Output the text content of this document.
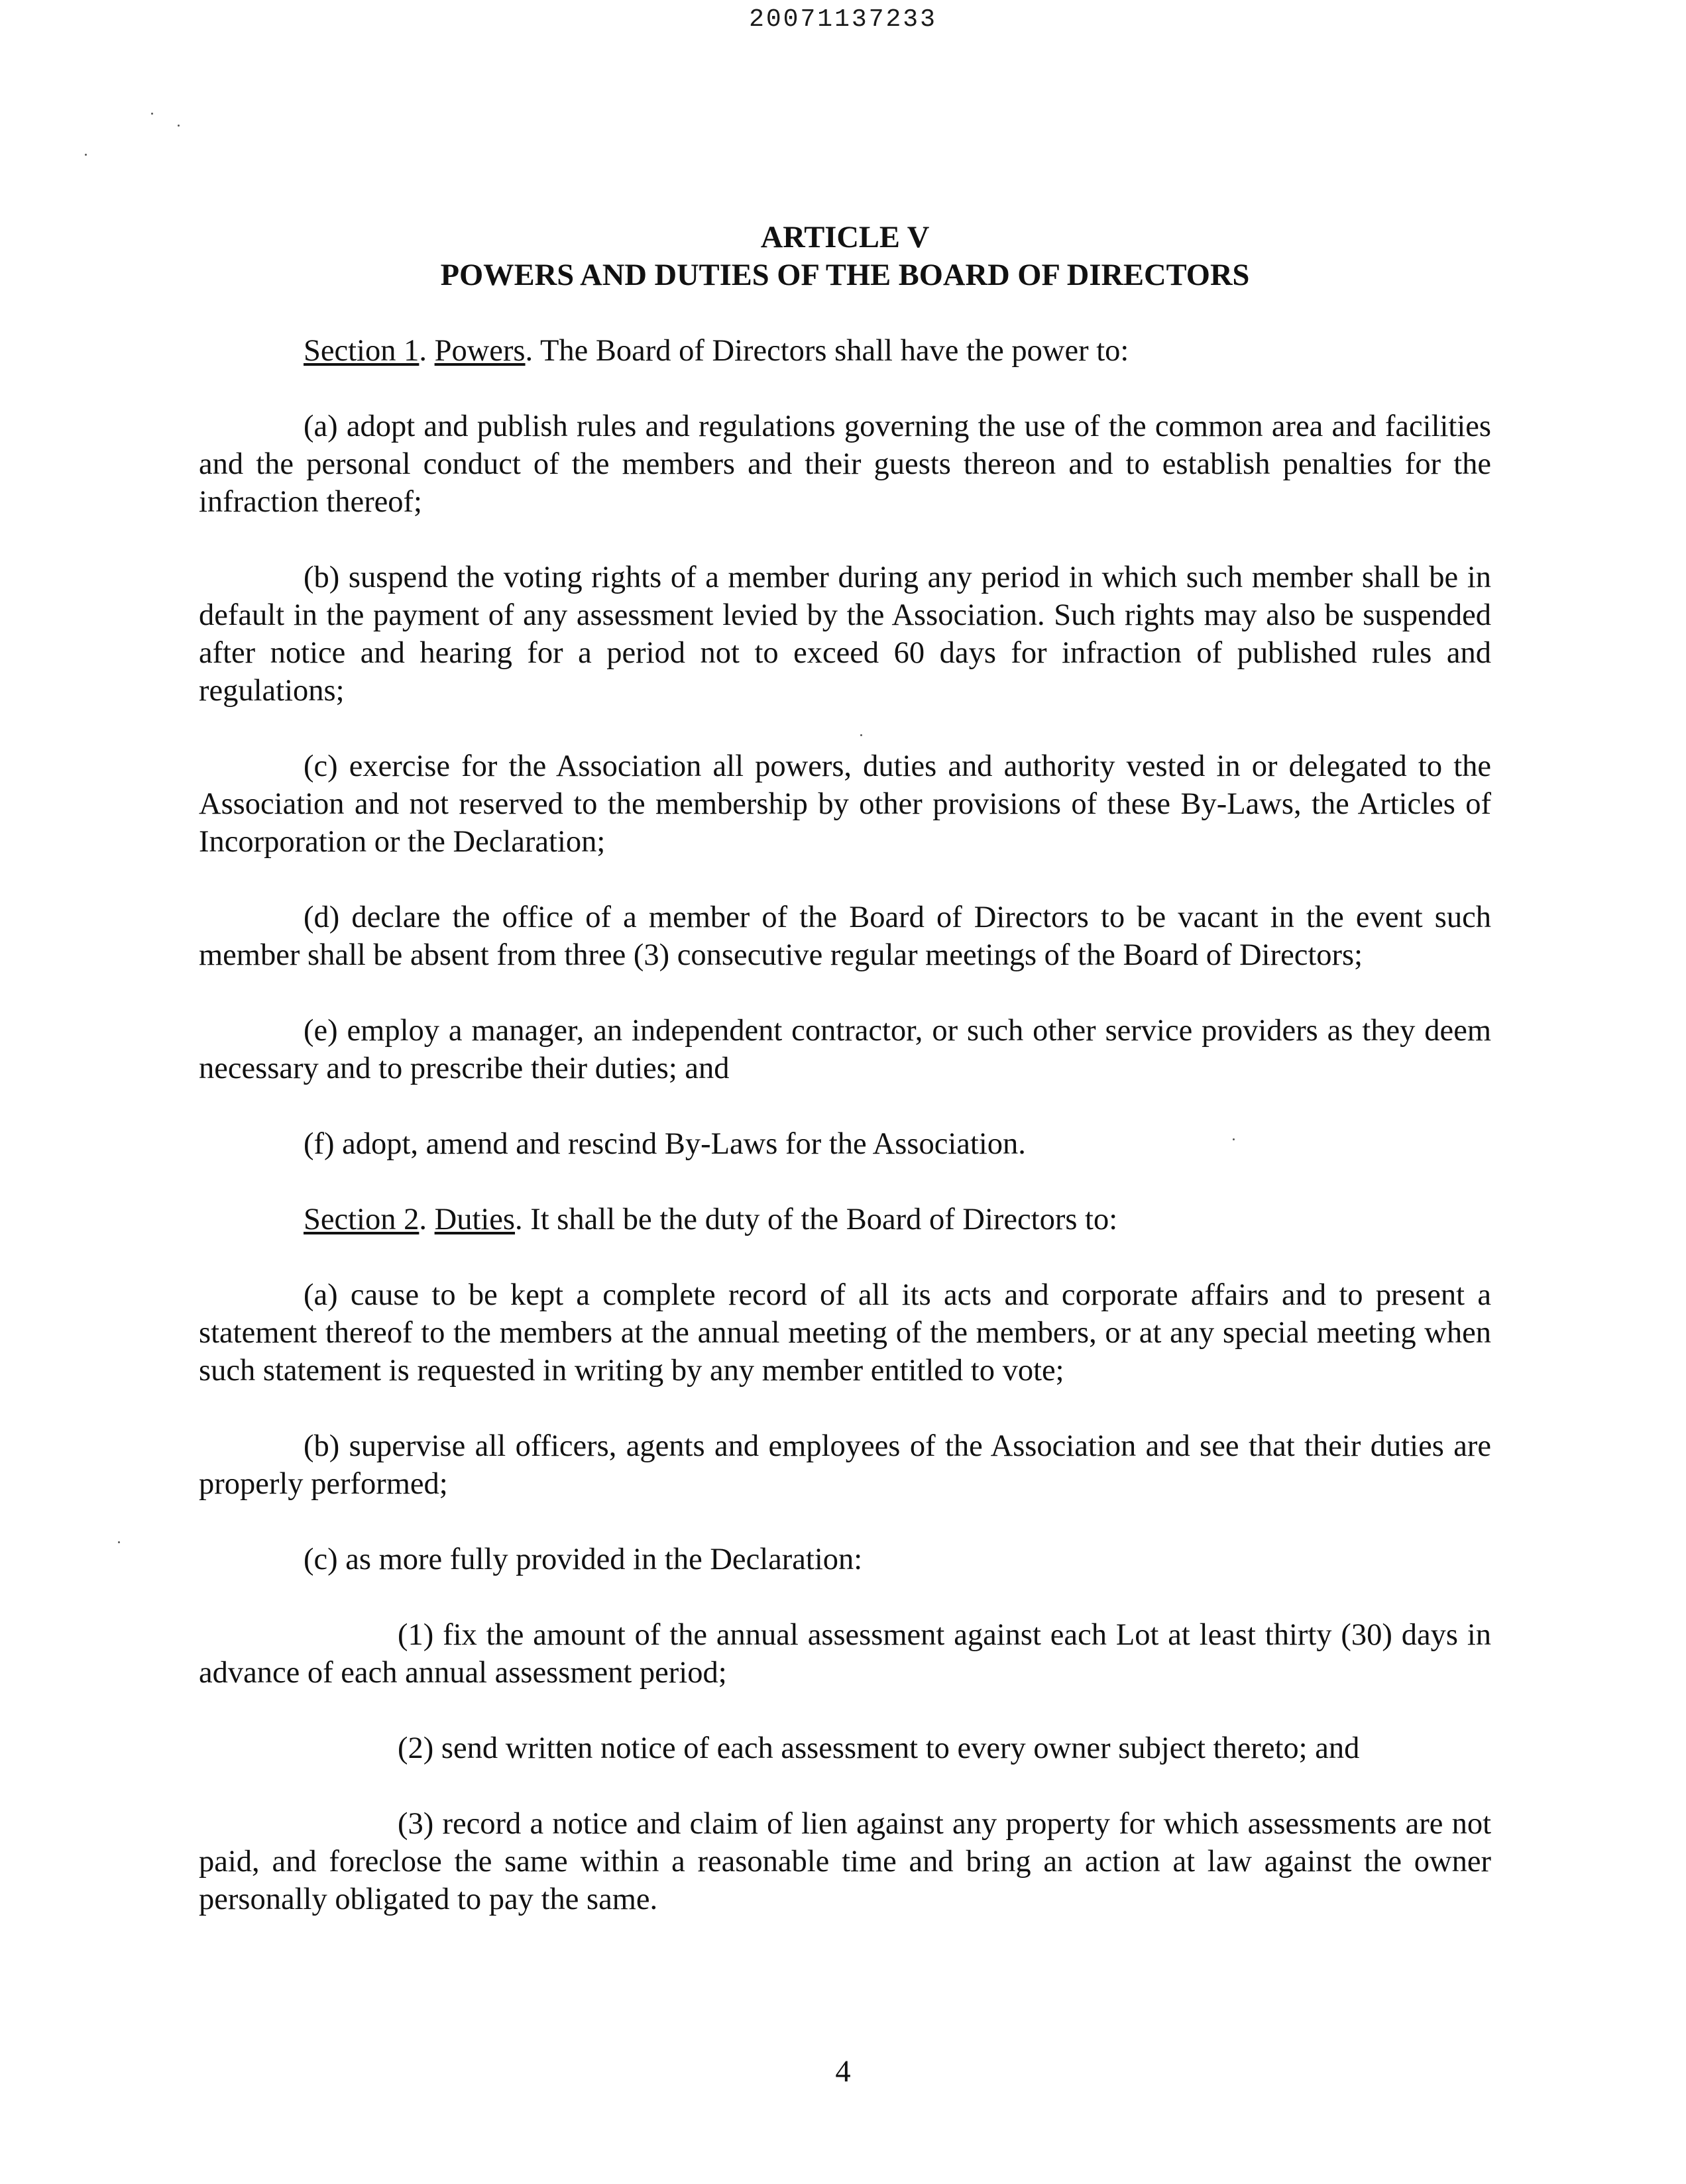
20071137233
ARTICLE V
POWERS AND DUTIES OF THE BOARD OF DIRECTORS

Section 1. Powers. The Board of Directors shall have the power to:

(a) adopt and publish rules and regulations governing the use of the common area and facilities and the personal conduct of the members and their guests thereon and to establish penalties for the infraction thereof;

(b) suspend the voting rights of a member during any period in which such member shall be in default in the payment of any assessment levied by the Association. Such rights may also be suspended after notice and hearing for a period not to exceed 60 days for infraction of published rules and regulations;

(c) exercise for the Association all powers, duties and authority vested in or delegated to the Association and not reserved to the membership by other provisions of these By-Laws, the Articles of Incorporation or the Declaration;

(d) declare the office of a member of the Board of Directors to be vacant in the event such member shall be absent from three (3) consecutive regular meetings of the Board of Directors;

(e) employ a manager, an independent contractor, or such other service providers as they deem necessary and to prescribe their duties; and

(f) adopt, amend and rescind By-Laws for the Association.

Section 2. Duties. It shall be the duty of the Board of Directors to:

(a) cause to be kept a complete record of all its acts and corporate affairs and to present a statement thereof to the members at the annual meeting of the members, or at any special meeting when such statement is requested in writing by any member entitled to vote;

(b) supervise all officers, agents and employees of the Association and see that their duties are properly performed;

(c) as more fully provided in the Declaration:

(1) fix the amount of the annual assessment against each Lot at least thirty (30) days in advance of each annual assessment period;

(2) send written notice of each assessment to every owner subject thereto; and

(3) record a notice and claim of lien against any property for which assessments are not paid, and foreclose the same within a reasonable time and bring an action at law against the owner personally obligated to pay the same.

4
